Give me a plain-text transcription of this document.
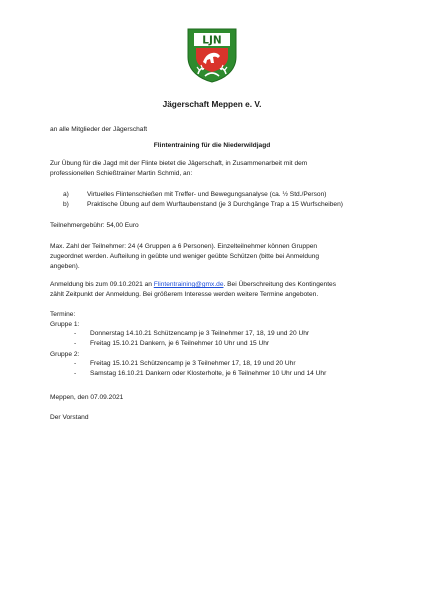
LJN
Jägerschaft Meppen e. V.
an alle Mitglieder der Jägerschaft
Flintentraining für die Niederwildjagd
Zur Übung für die Jagd mit der Flinte bietet die Jägerschaft, in Zusammenarbeit mit dem
professionellen Schießtrainer Martin Schmid, an:
a)	Virtuelles Flintenschießen mit Treffer- und Bewegungsanalyse (ca. ½ Std./Person)
b)	Praktische Übung auf dem Wurftaubenstand (je 3 Durchgänge Trap a 15 Wurfscheiben)
Teilnehmergebühr: 54,00 Euro
Max. Zahl der Teilnehmer: 24 (4 Gruppen a 6 Personen). Einzelteilnehmer können Gruppen
zugeordnet werden. Aufteilung in geübte und weniger geübte Schützen (bitte bei Anmeldung
angeben).
Anmeldung bis zum 09.10.2021 an Flintentraining@gmx.de. Bei Überschreitung des Kontingentes
zählt Zeitpunkt der Anmeldung. Bei größerem Interesse werden weitere Termine angeboten.
Termine:
Gruppe 1:
- Donnerstag 14.10.21 Schützencamp je 3 Teilnehmer 17, 18, 19 und 20 Uhr
- Freitag 15.10.21 Dankern, je 6 Teilnehmer 10 Uhr und 15 Uhr
Gruppe 2:
- Freitag 15.10.21 Schützencamp je 3 Teilnehmer 17, 18, 19 und 20 Uhr
- Samstag 16.10.21 Dankern oder Klosterholte, je 6 Teilnehmer 10 Uhr und 14 Uhr
Meppen, den 07.09.2021
Der Vorstand
